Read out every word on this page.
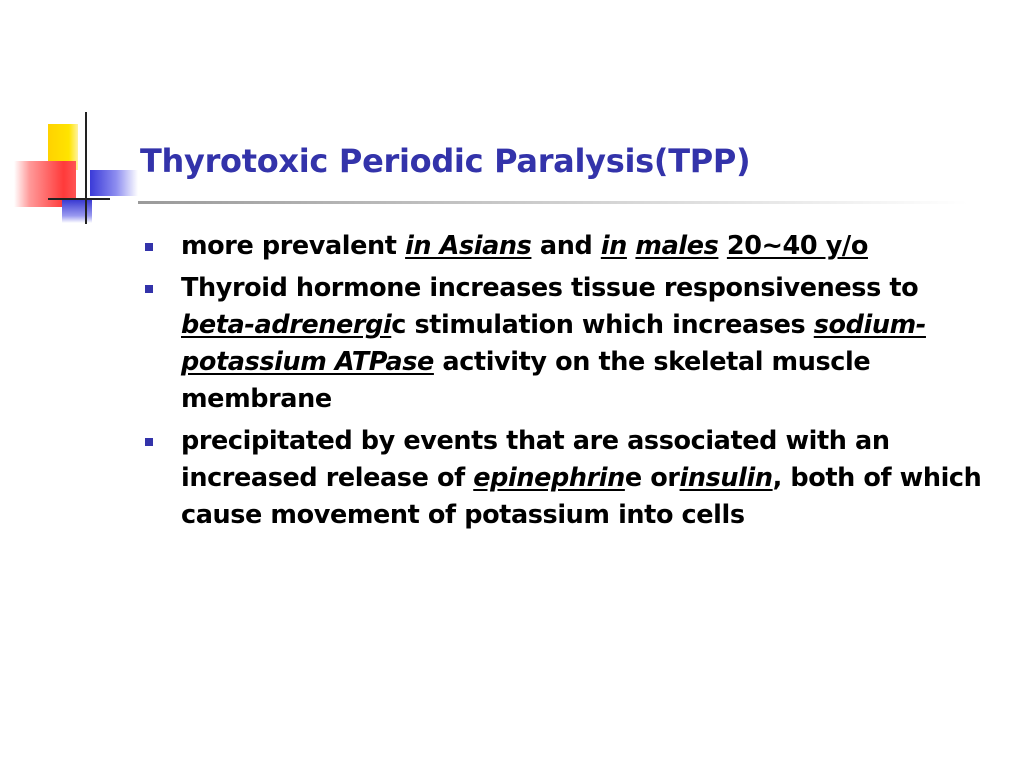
Thyrotoxic Periodic Paralysis(TPP)
more prevalent in Asians and in males 20~40 y/o
Thyroid hormone increases tissue responsiveness to beta-adrenergic stimulation which increases sodium-potassium ATPase activity on the skeletal muscle membrane
precipitated by events that are associated with an increased release of epinephrine orinsulin, both of which cause movement of potassium into cells
